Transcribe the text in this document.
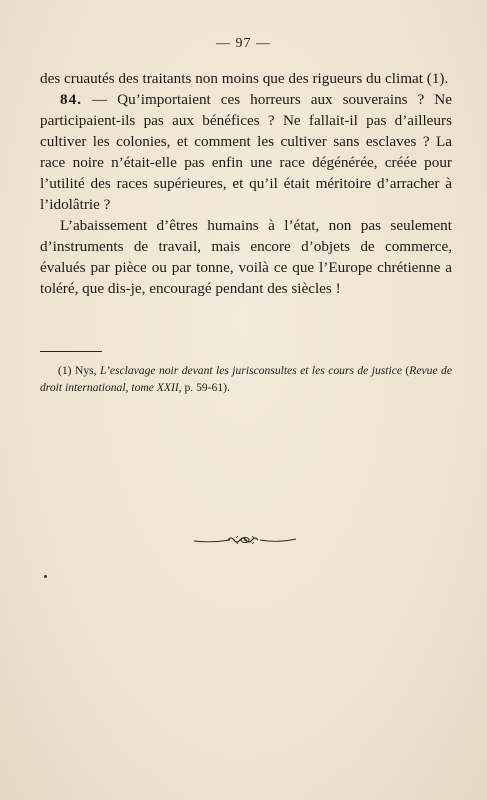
— 97 —

des cruautés des traitants non moins que des rigueurs du climat (1).

84. — Qu’importaient ces horreurs aux souverains ? Ne participaient-ils pas aux bénéfices ? Ne fallait-il pas d’ailleurs cultiver les colonies, et comment les cultiver sans esclaves ? La race noire n’était-elle pas enfin une race dégénérée, créée pour l’utilité des races supérieures, et qu’il était méritoire d’arracher à l’idolâtrie ?

L’abaissement d’êtres humains à l’état, non pas seulement d’instruments de travail, mais encore d’objets de commerce, évalués par pièce ou par tonne, voilà ce que l’Europe chrétienne a toléré, que dis-je, encouragé pendant des siècles !

(1) Nys, L’esclavage noir devant les jurisconsultes et les cours de justice (Revue de droit international, tome XXII, p. 59-61).
